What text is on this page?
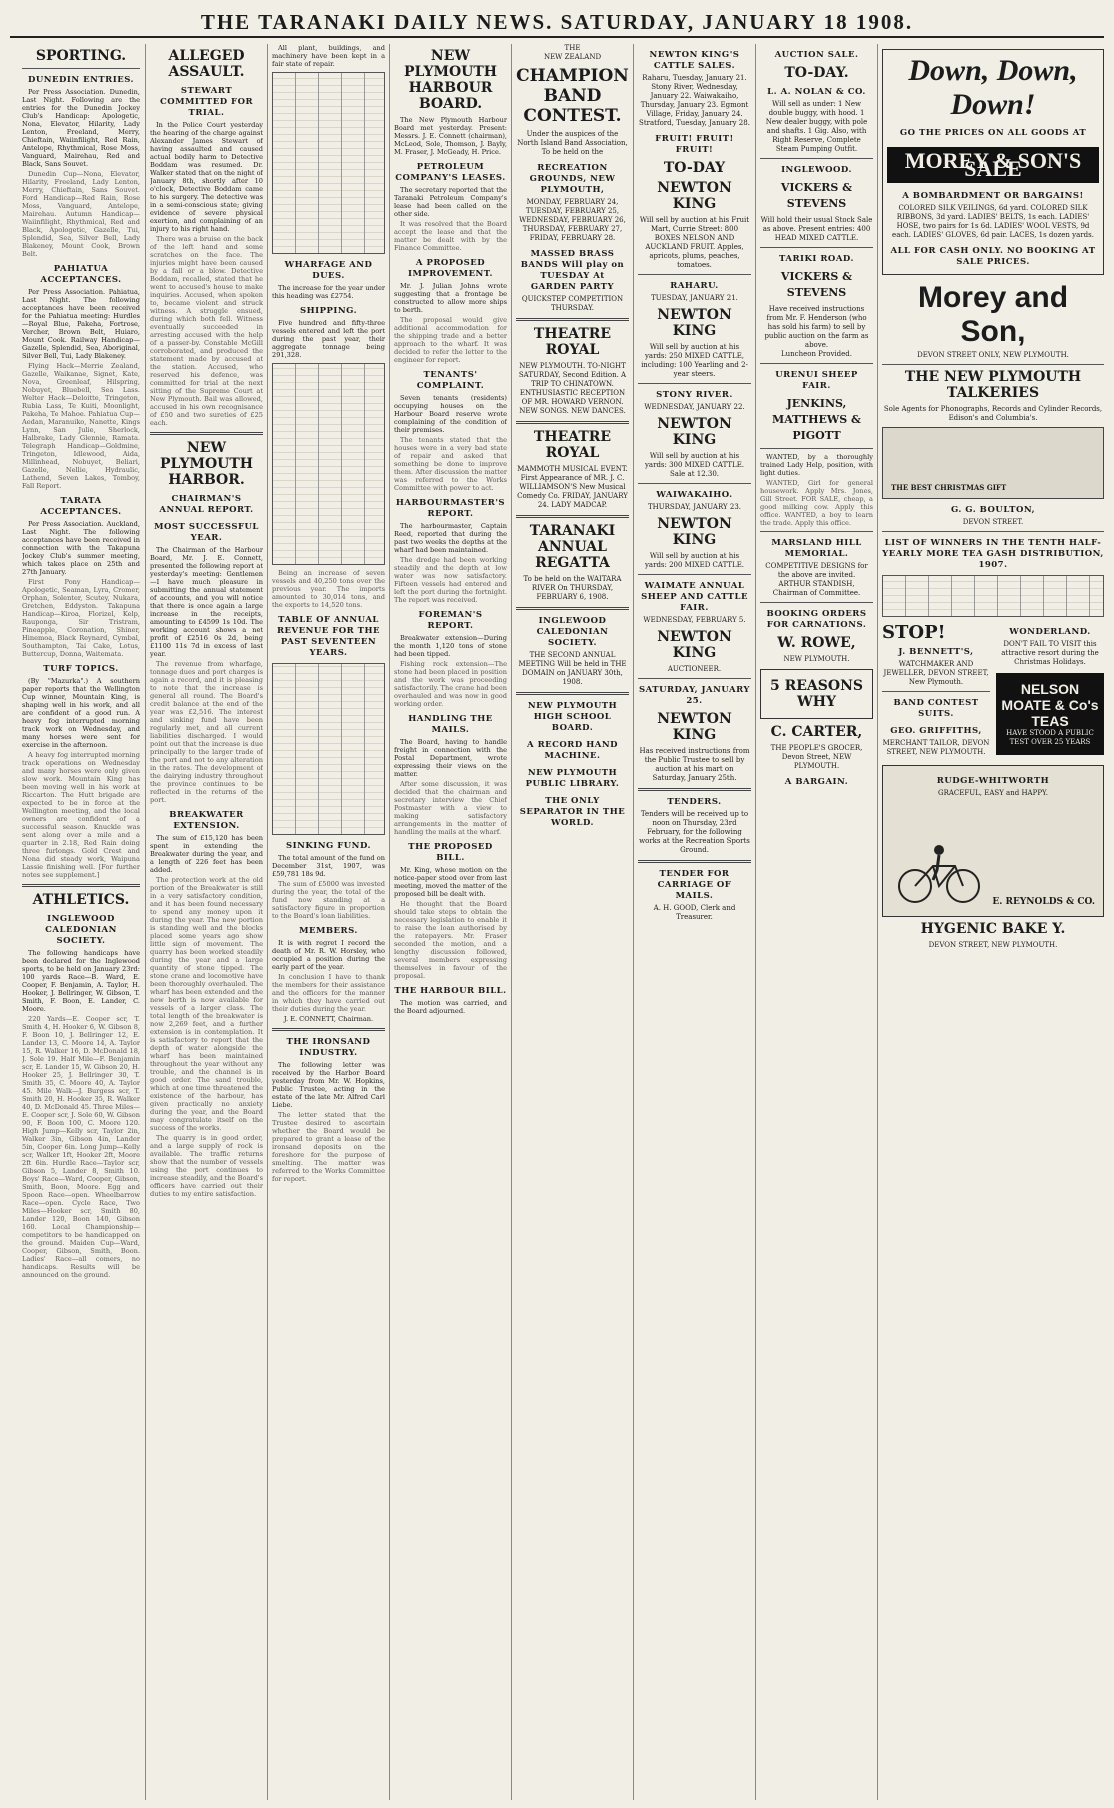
THE TARANAKI DAILY NEWS. SATURDAY, JANUARY 18 1908.
SPORTING.
DUNEDIN ENTRIES.

Per Press Association. Dunedin, Last Night. Following are the entries for the Dunedin Jockey Club's Handicap: Apologetic, Nona, Elevator, Hilarity, Lady Lenton, Freeland, Merry, Chieftain, Waiinfilight, Red Rain, Antelope, Rhythmical, Rose Moss, Vanguard, Mairehau, Red and Black, Sans Souvet.

Dunedin Cup—Nona, Elevator, Hilarity, Freeland, Lady Lenton, Merry, Chieftain, Sans Souvet. Ford Handicap—Red Rain, Rose Moss, Vanguard, Antelope, Mairehau. Autumn Handicap—Waiinfilight, Rhythmical, Red and Black, Apologetic, Gazelle, Tui, Splendid, Sea, Silver Bell, Lady Blakeney, Mount Cook, Brown Belt.

PAHIATUA ACCEPTANCES.

Per Press Association. Pahiatua, Last Night. The following acceptances have been received for the Pahiatua meeting: Hurdles—Royal Blue, Pakeha, Fortrose, Vercher, Brown Belt, Huiaro, Mount Cook. Railway Handicap—Gazelle, Splendid, Sea, Aboriginal, Silver Bell, Tui, Lady Blakeney.

Flying Hack—Merrie Zealand, Gazelle, Waikanae, Signet, Kate, Nova, Greenleaf, Hilspring, Nobuyet, Bluebell, Sea Lass. Welter Hack—Deloitte, Tringeton, Rubia Lass, Te Kuiti, Moonlight, Pakeha, Te Mahoe. Pahiatua Cup—Aedan, Maranuiko, Nanette, Kings Lynn, San Julie, Sherlock, Halbrake, Lady Glennie, Ramata. Telegraph Handicap—Goldmine, Tringeton, Idlewood, Aida, Millinhead, Nobuyet, Beliari, Gazelle, Nellie, Hydraulic, Lathend, Seven Lakes, Tomboy, Fall Report.

TARATA ACCEPTANCES.

Per Press Association. Auckland, Last Night. The following acceptances have been received in connection with the Takapuna Jockey Club's summer meeting, which takes place on 25th and 27th January.

First Pony Handicap—Apologetic, Seaman, Lyra, Cromer, Orphan, Solenter, Scutey, Nukara, Gretchen, Eddyston. Takapuna Handicap—Kiroa, Florizel, Kelp, Rauponga, Sir Tristram, Pineapple, Coronation, Shiner, Hinemoa, Black Reynard, Cymbal, Southampton, Tai Cake, Lotus, Buttercup, Donna, Waitemata.

TURF TOPICS.

(By "Mazurka".) A southern paper reports that the Wellington Cup winner, Mountain King, is shaping well in his work, and all are confident of a good run. A heavy fog interrupted morning track work on Wednesday, and many horses were sent for exercise in the afternoon.

A heavy fog interrupted morning track operations on Wednesday and many horses were only given slow work. Mountain King has been moving well in his work at Riccarton. The Hutt brigade are expected to be in force at the Wellington meeting, and the local owners are confident of a successful season. Knuckle was sent along over a mile and a quarter in 2.18, Red Rain doing three furlongs. Gold Crest and Nona did steady work, Waipuna Lassie finishing well. [For further notes see supplement.]

ATHLETICS.
INGLEWOOD CALEDONIAN SOCIETY.

The following handicaps have been declared for the Inglewood sports, to be held on January 23rd: 100 yards Race—B. Ward, E. Cooper, F. Benjamin, A. Taylor, H. Hooker, J. Bellringer, W. Gibson, T. Smith, F. Boon, E. Lander, C. Moore.

220 Yards—E. Cooper scr, T. Smith 4, H. Hooker 6, W. Gibson 8, F. Boon 10, J. Bellringer 12, E. Lander 13, C. Moore 14, A. Taylor 15, R. Walker 16, D. McDonald 18, J. Sole 19. Half Mile—F. Benjamin scr, E. Lander 15, W. Gibson 20, H. Hooker 25, J. Bellringer 30, T. Smith 35, C. Moore 40, A. Taylor 45. Mile Walk—J. Burgess scr, T. Smith 20, H. Hooker 35, R. Walker 40, D. McDonald 45. Three Miles—E. Cooper scr, J. Sole 60, W. Gibson 90, F. Boon 100, C. Moore 120. High Jump—Kelly scr, Taylor 2in, Walker 3in, Gibson 4in, Lander 5in, Cooper 6in. Long Jump—Kelly scr, Walker 1ft, Hooker 2ft, Moore 2ft 6in. Hurdle Race—Taylor scr, Gibson 5, Lander 8, Smith 10. Boys' Race—Ward, Cooper, Gibson, Smith, Boon, Moore. Egg and Spoon Race—open. Wheelbarrow Race—open. Cycle Race, Two Miles—Hooker scr, Smith 80, Lander 120, Boon 140, Gibson 160. Local Championship—competitors to be handicapped on the ground. Maiden Cup—Ward, Cooper, Gibson, Smith, Boon. Ladies' Race—all comers, no handicaps. Results will be announced on the ground.

ALLEGED ASSAULT.
STEWART COMMITTED FOR TRIAL.

In the Police Court yesterday the hearing of the charge against Alexander James Stewart of having assaulted and caused actual bodily harm to Detective Boddam was resumed. Dr. Walker stated that on the night of January 8th, shortly after 10 o'clock, Detective Boddam came to his surgery. The detective was in a semi-conscious state; giving evidence of severe physical exertion, and complaining of an injury to his right hand.

There was a bruise on the back of the left hand and some scratches on the face. The injuries might have been caused by a fall or a blow. Detective Boddam, recalled, stated that he went to accused's house to make inquiries. Accused, when spoken to, became violent and struck witness. A struggle ensued, during which both fell. Witness eventually succeeded in arresting accused with the help of a passer-by. Constable McGill corroborated, and produced the statement made by accused at the station. Accused, who reserved his defence, was committed for trial at the next sitting of the Supreme Court at New Plymouth. Bail was allowed, accused in his own recognisance of £50 and two sureties of £25 each.

NEW PLYMOUTH HARBOR.
CHAIRMAN'S ANNUAL REPORT.
MOST SUCCESSFUL YEAR.

The Chairman of the Harbour Board, Mr. J. E. Connett, presented the following report at yesterday's meeting: Gentlemen—I have much pleasure in submitting the annual statement of accounts, and you will notice that there is once again a large increase in the receipts, amounting to £4599 1s 10d. The working account shows a net profit of £2516 0s 2d, being £1100 11s 7d in excess of last year.

The revenue from wharfage, tonnage dues and port charges is again a record, and it is pleasing to note that the increase is general all round. The Board's credit balance at the end of the year was £2,516. The interest and sinking fund have been regularly met, and all current liabilities discharged. I would point out that the increase is due principally to the larger trade of the port and not to any alteration in the rates. The development of the dairying industry throughout the province continues to be reflected in the returns of the port.

BREAKWATER EXTENSION.

The sum of £15,120 has been spent in extending the Breakwater during the year, and a length of 226 feet has been added.

The protection work at the old portion of the Breakwater is still in a very satisfactory condition, and it has been found necessary to spend any money upon it during the year. The new portion is standing well and the blocks placed some years ago show little sign of movement. The quarry has been worked steadily during the year and a large quantity of stone tipped. The stone crane and locomotive have been thoroughly overhauled. The wharf has been extended and the new berth is now available for vessels of a larger class. The total length of the breakwater is now 2,269 feet, and a further extension is in contemplation. It is satisfactory to report that the depth of water alongside the wharf has been maintained throughout the year without any trouble, and the channel is in good order. The sand trouble, which at one time threatened the existence of the harbour, has given practically no anxiety during the year, and the Board may congratulate itself on the success of the works.

The quarry is in good order, and a large supply of rock is available. The traffic returns show that the number of vessels using the port continues to increase steadily, and the Board's officers have carried out their duties to my entire satisfaction.

All plant, buildings, and machinery have been kept in a fair state of repair.

WHARFAGE AND DUES.

The increase for the year under this heading was £2754.

SHIPPING.

Five hundred and fifty-three vessels entered and left the port during the past year, their aggregate tonnage being 291,328.

Being an increase of seven vessels and 40,250 tons over the previous year. The imports amounted to 30,014 tons, and the exports to 14,520 tons.

TABLE OF ANNUAL REVENUE FOR THE PAST SEVENTEEN YEARS.
SINKING FUND.

The total amount of the fund on December 31st, 1907, was £59,781 18s 9d.

The sum of £5000 was invested during the year, the total of the fund now standing at a satisfactory figure in proportion to the Board's loan liabilities.

MEMBERS.

It is with regret I record the death of Mr. R. W. Horsley, who occupied a position during the early part of the year.

In conclusion I have to thank the members for their assistance and the officers for the manner in which they have carried out their duties during the year.

J. E. CONNETT, Chairman.
THE IRONSAND INDUSTRY.

The following letter was received by the Harbor Board yesterday from Mr. W. Hopkins, Public Trustee, acting in the estate of the late Mr. Alfred Carl Liebe.

The letter stated that the Trustee desired to ascertain whether the Board would be prepared to grant a lease of the ironsand deposits on the foreshore for the purpose of smelting. The matter was referred to the Works Committee for report.

NEW PLYMOUTH HARBOUR BOARD.

The New Plymouth Harbour Board met yesterday. Present: Messrs. J. E. Connett (chairman), McLeod, Sole, Thomson, J. Bayly, M. Fraser, J. McGeady, H. Price.

PETROLEUM COMPANY'S LEASES.

The secretary reported that the Taranaki Petroleum Company's lease had been called on the other side.

It was resolved that the Board accept the lease and that the matter be dealt with by the Finance Committee.

A PROPOSED IMPROVEMENT.

Mr. J. Julian Johns wrote suggesting that a frontage be constructed to allow more ships to berth.

The proposal would give additional accommodation for the shipping trade and a better approach to the wharf. It was decided to refer the letter to the engineer for report.

TENANTS' COMPLAINT.

Seven tenants (residents) occupying houses on the Harbour Board reserve wrote complaining of the condition of their premises.

The tenants stated that the houses were in a very bad state of repair and asked that something be done to improve them. After discussion the matter was referred to the Works Committee with power to act.

HARBOURMASTER'S REPORT.

The harbourmaster, Captain Reed, reported that during the past two weeks the depths at the wharf had been maintained.

The dredge had been working steadily and the depth at low water was now satisfactory. Fifteen vessels had entered and left the port during the fortnight. The report was received.

FOREMAN'S REPORT.

Breakwater extension—During the month 1,120 tons of stone had been tipped.

Fishing rock extension—The stone had been placed in position and the work was proceeding satisfactorily. The crane had been overhauled and was now in good working order.

HANDLING THE MAILS.

The Board, having to handle freight in connection with the Postal Department, wrote expressing their views on the matter.

After some discussion, it was decided that the chairman and secretary interview the Chief Postmaster with a view to making satisfactory arrangements in the matter of handling the mails at the wharf.

THE PROPOSED BILL.

Mr. King, whose motion on the notice-paper stood over from last meeting, moved the matter of the proposed bill be dealt with.

He thought that the Board should take steps to obtain the necessary legislation to enable it to raise the loan authorised by the ratepayers. Mr. Fraser seconded the motion, and a lengthy discussion followed, several members expressing themselves in favour of the proposal.

THE HARBOUR BILL.

The motion was carried, and the Board adjourned.

THE
NEW ZEALAND
CHAMPION BAND CONTEST.
Under the auspices of the North Island Band Association,
To be held on the
RECREATION GROUNDS, NEW PLYMOUTH,
MONDAY, FEBRUARY 24, TUESDAY, FEBRUARY 25, WEDNESDAY, FEBRUARY 26, THURSDAY, FEBRUARY 27, FRIDAY, FEBRUARY 28.
MASSED BRASS BANDS Will play on TUESDAY At GARDEN PARTY
QUICKSTEP COMPETITION THURSDAY.
THEATRE ROYAL
NEW PLYMOUTH. TO-NIGHT SATURDAY, Second Edition. A TRIP TO CHINATOWN. ENTHUSIASTIC RECEPTION OF MR. HOWARD VERNON. NEW SONGS. NEW DANCES.
THEATRE ROYAL
MAMMOTH MUSICAL EVENT. First Appearance of MR. J. C. WILLIAMSON'S New Musical Comedy Co. FRIDAY, JANUARY 24. LADY MADCAP.
TARANAKI ANNUAL REGATTA
To be held on the WAITARA RIVER On THURSDAY, FEBRUARY 6, 1908.
INGLEWOOD CALEDONIAN SOCIETY.
THE SECOND ANNUAL MEETING Will be held in THE DOMAIN on JANUARY 30th, 1908.
NEW PLYMOUTH HIGH SCHOOL BOARD.
A RECORD HAND MACHINE.
NEW PLYMOUTH PUBLIC LIBRARY.
THE ONLY SEPARATOR IN THE WORLD.
NEWTON KING'S CATTLE SALES.
Raharu, Tuesday, January 21. Stony River, Wednesday, January 22. Waiwakaiho, Thursday, January 23. Egmont Village, Friday, January 24. Stratford, Tuesday, January 28.
FRUIT! FRUIT! FRUIT!
TO-DAY
NEWTON KING
Will sell by auction at his Fruit Mart, Currie Street: 800 BOXES NELSON AND AUCKLAND FRUIT. Apples, apricots, plums, peaches, tomatoes.
RAHARU.
TUESDAY, JANUARY 21.
NEWTON KING
Will sell by auction at his yards: 250 MIXED CATTLE, including: 100 Yearling and 2-year steers.
STONY RIVER.
WEDNESDAY, JANUARY 22.
NEWTON KING
Will sell by auction at his yards: 300 MIXED CATTLE. Sale at 12.30.
WAIWAKAIHO.
THURSDAY, JANUARY 23.
NEWTON KING
Will sell by auction at his yards: 200 MIXED CATTLE.
WAIMATE ANNUAL SHEEP AND CATTLE FAIR.
WEDNESDAY, FEBRUARY 5.
NEWTON KING
AUCTIONEER.
SATURDAY, JANUARY 25.
NEWTON KING
Has received instructions from the Public Trustee to sell by auction at his mart on Saturday, January 25th.
TENDERS.
Tenders will be received up to noon on Thursday, 23rd February, for the following works at the Recreation Sports Ground.
TENDER FOR CARRIAGE OF MAILS.
A. H. GOOD, Clerk and Treasurer.
AUCTION SALE.
TO-DAY.
L. A. NOLAN & CO.
Will sell as under: 1 New double buggy, with hood. 1 New dealer buggy, with pole and shafts. 1 Gig. Also, with Right Reserve, Complete Steam Pumping Outfit.
INGLEWOOD.
VICKERS & STEVENS
Will hold their usual Stock Sale as above. Present entries: 400 HEAD MIXED CATTLE.
TARIKI ROAD.
VICKERS & STEVENS
Have received instructions from Mr. F. Henderson (who has sold his farm) to sell by public auction on the farm as above.
Luncheon Provided.
URENUI SHEEP FAIR.
JENKINS, MATTHEWS & PIGOTT

WANTED, by a thoroughly trained Lady Help, position, with light duties.

WANTED, Girl for general housework. Apply Mrs. Jones, Gill Street. FOR SALE, cheap, a good milking cow. Apply this office. WANTED, a boy to learn the trade. Apply this office.

MARSLAND HILL MEMORIAL.
COMPETITIVE DESIGNS for the above are invited.
ARTHUR STANDISH, Chairman of Committee.
BOOKING ORDERS FOR CARNATIONS.
W. ROWE,
NEW PLYMOUTH.
5 REASONS WHY
C. CARTER,
THE PEOPLE'S GROCER, Devon Street, NEW PLYMOUTH.
A BARGAIN.
Down, Down,
Down!
GO THE PRICES ON ALL GOODS AT
MOREY & SON'S SALE
A BOMBARDMENT OR BARGAINS!
COLORED SILK VEILINGS, 6d yard. COLORED SILK RIBBONS, 3d yard. LADIES' BELTS, 1s each. LADIES' HOSE, two pairs for 1s 6d. LADIES' WOOL VESTS, 9d each. LADIES' GLOVES, 6d pair. LACES, 1s dozen yards.
ALL FOR CASH ONLY. NO BOOKING AT SALE PRICES.
Morey and Son,
DEVON STREET ONLY, NEW PLYMOUTH.
THE NEW PLYMOUTH TALKERIES
Sole Agents for Phonographs, Records and Cylinder Records, Edison's and Columbia's.
THE BEST CHRISTMAS GIFT
G. G. BOULTON,
DEVON STREET.
LIST OF WINNERS IN THE TENTH HALF-YEARLY MORE TEA GASH DISTRIBUTION, 1907.
STOP!
J. BENNETT'S,
WATCHMAKER AND JEWELLER, DEVON STREET, New Plymouth.
BAND CONTEST SUITS.
GEO. GRIFFITHS,
MERCHANT TAILOR, DEVON STREET, NEW PLYMOUTH.
WONDERLAND.
DON'T FAIL TO VISIT this attractive resort during the Christmas Holidays.
NELSON MOATE & Co's TEAS
HAVE STOOD A PUBLIC TEST OVER 25 YEARS
RUDGE-WHITWORTH
GRACEFUL, EASY and HAPPY.
E. REYNOLDS & CO.
HYGENIC BAKE Y.
DEVON STREET, NEW PLYMOUTH.
